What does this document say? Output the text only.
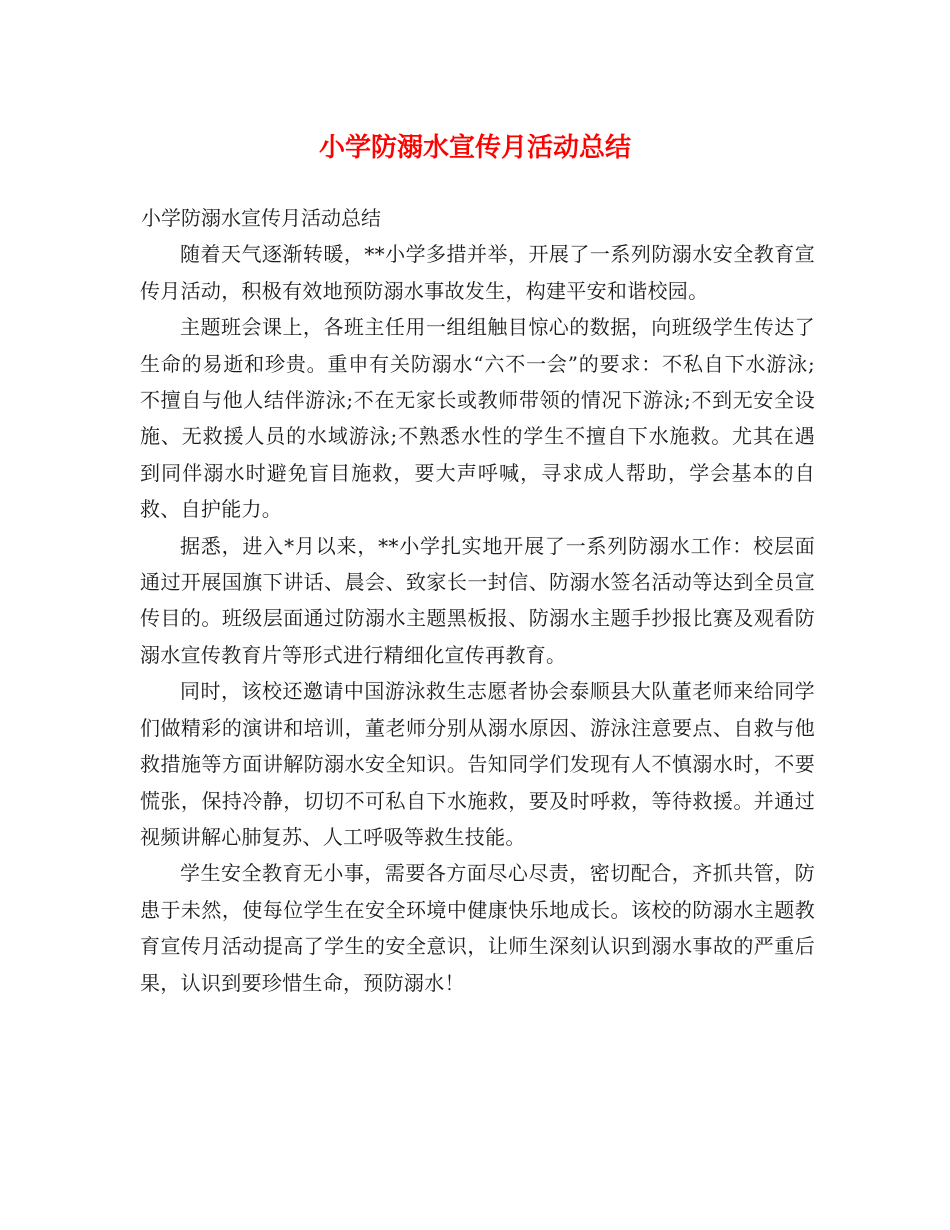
小学防溺水宣传月活动总结

小学防溺水宣传月活动总结

随着天气逐渐转暖，**小学多措并举，开展了一系列防溺水安全教育宣传月活动，积极有效地预防溺水事故发生，构建平安和谐校园。

主题班会课上，各班主任用一组组触目惊心的数据，向班级学生传达了生命的易逝和珍贵。重申有关防溺水“六不一会”的要求：不私自下水游泳;不擅自与他人结伴游泳;不在无家长或教师带领的情况下游泳;不到无安全设施、无救援人员的水域游泳;不熟悉水性的学生不擅自下水施救。尤其在遇到同伴溺水时避免盲目施救，要大声呼喊，寻求成人帮助，学会基本的自救、自护能力。

据悉，进入*月以来，**小学扎实地开展了一系列防溺水工作：校层面通过开展国旗下讲话、晨会、致家长一封信、防溺水签名活动等达到全员宣传目的。班级层面通过防溺水主题黑板报、防溺水主题手抄报比赛及观看防溺水宣传教育片等形式进行精细化宣传再教育。

同时，该校还邀请中国游泳救生志愿者协会泰顺县大队董老师来给同学们做精彩的演讲和培训，董老师分别从溺水原因、游泳注意要点、自救与他救措施等方面讲解防溺水安全知识。告知同学们发现有人不慎溺水时，不要慌张，保持冷静，切切不可私自下水施救，要及时呼救，等待救援。并通过视频讲解心肺复苏、人工呼吸等救生技能。

学生安全教育无小事，需要各方面尽心尽责，密切配合，齐抓共管，防患于未然，使每位学生在安全环境中健康快乐地成长。该校的防溺水主题教育宣传月活动提高了学生的安全意识，让师生深刻认识到溺水事故的严重后果，认识到要珍惜生命，预防溺水！
